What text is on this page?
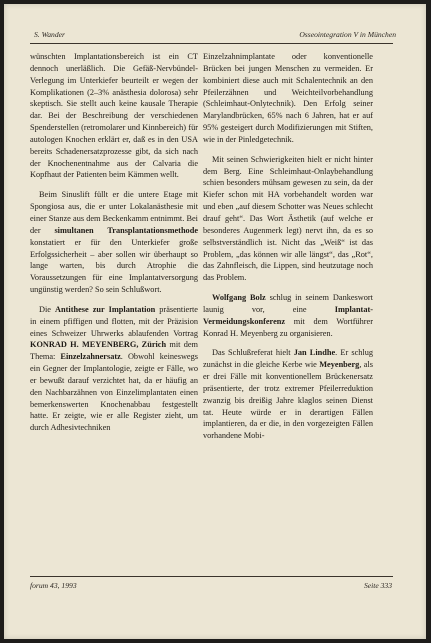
S. Wander	Osseointegration V in München

wünschten Implantationsbereich ist ein CT dennoch unerläßlich. Die Gefäß-Nervbündel-Verlegung im Unterkiefer beurteilt er wegen der Komplikationen (2–3% anästhesia dolorosa) sehr skeptisch. Sie stellt auch keine kausale Therapie dar. Bei der Beschreibung der verschiedenen Spenderstellen (retromolarer und Kinnbereich) für autologen Knochen erklärt er, daß es in den USA bereits Schadenersatzprozesse gibt, da sich nach der Knochenentnahme aus der Calvaria die Kopfhaut der Patienten beim Kämmen wellt.

Beim Sinuslift füllt er die untere Etage mit Spongiosa aus, die er unter Lokalanästhesie mit einer Stanze aus dem Beckenkamm entnimmt. Bei der simultanen Transplantationsmethode konstatiert er für den Unterkiefer große Erfolgssicherheit – aber sollen wir überhaupt so lange warten, bis durch Atrophie die Voraussetzungen für eine Implantatversorgung ungünstig werden? So sein Schlußwort.

Die Antithese zur Implantation präsentierte in einem pfiffigen und flotten, mit der Präzision eines Schweizer Uhrwerks ablaufenden Vortrag KONRAD H. MEYENBERG, Zürich mit dem Thema: Einzelzahnersatz. Obwohl keineswegs ein Gegner der Implantologie, zeigte er Fälle, wo er bewußt darauf verzichtet hat, da er häufig an den Nachbarzähnen von Einzelimplantaten einen bemerkenswerten Knochenabbau festgestellt hatte. Er zeigte, wie er alle Register zieht, um durch Adhesivtechniken

Einzelzahnimplantate oder konventionelle Brücken bei jungen Menschen zu vermeiden. Er kombiniert diese auch mit Schalentechnik an den Pfeilerzähnen und Weichteilvorbehandlung (Schleimhaut-Onlytechnik). Den Erfolg seiner Marylandbrücken, 65% nach 6 Jahren, hat er auf 95% gesteigert durch Modifizierungen mit Stiften, wie in der Pinledgetechnik.

Mit seinen Schwierigkeiten hielt er nicht hinter dem Berg. Eine Schleimhaut-Onlaybehandlung schien besonders mühsam gewesen zu sein, da der Kiefer schon mit HA vorbehandelt worden war und eben „auf diesem Schotter was Neues schlecht drauf geht“. Das Wort Ästhetik (auf welche er besonderes Augenmerk legt) nervt ihn, da es so selbstverständlich ist. Nicht das „Weiß“ ist das Problem, „das können wir alle längst“, das „Rot“, das Zahnfleisch, die Lippen, sind heutzutage noch das Problem.

Wolfgang Bolz schlug in seinem Dankeswort launig vor, eine Implantat-Vermeidungskonferenz mit dem Wortführer Konrad H. Meyenberg zu organisieren.

Das Schlußreferat hielt Jan Lindhe. Er schlug zunächst in die gleiche Kerbe wie Meyenberg, als er drei Fälle mit konventionellem Brückenersatz präsentierte, der trotz extremer Pfeilerreduktion zwanzig bis dreißig Jahre klaglos seinen Dienst tat. Heute würde er in derartigen Fällen implantieren, da er die, in den vorgezeigten Fällen vorhandene Mobi-

forum 43, 1993	Seite 333
